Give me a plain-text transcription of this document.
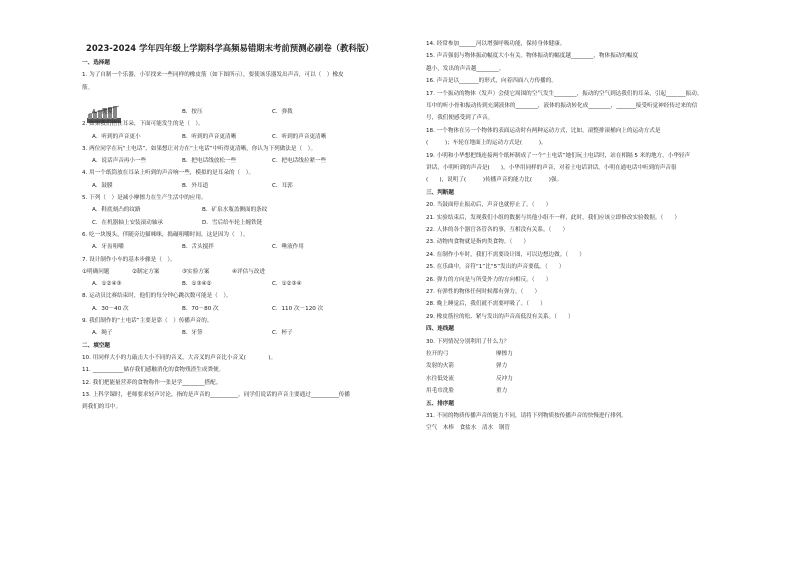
2023-2024 学年四年级上学期科学高频易错期末考前预测必刷卷（教科版）
一、选择题
1. 为了自制一个乐器，小军找来一些同样的橡皮筋（如下图所示），要使该乐器发出声音，可以（　）橡皮
筋。
A．抚摸	B．按压	C．弹拨
2. 如果我们捂住耳朵，下面可能发生的是（　）。
A．听到的声音更小	B．听到的声音更清晰	C．听到的声音更清晰
3. 两位同学在玩“土电话”，如果想让对方在“土电话”中听得更清晰，你认为下列做法是（　）。
A．说话声音再小一些	B．把电话线放松一些	C．把电话线拉紧一些
4. 用一个纸筒放在耳朵上听到的声音响一些，模拟的是耳朵的（　）。
A．鼓膜	B．外耳道	C．耳郭
5. 下列（　）是减小摩擦力在生产生活中的应用。
A．鞋底刻凸的纹路	B．矿泉水瓶盖侧面的条纹
C．在机器轴上安装滚动轴承	D．雪后给车轮上缠铁链
6. 吃一块馒头，伴随旁边猫咪咪，捣碾咀嚼时间，这是因为（　）。
A．牙齿咀嚼	B．舌头搅拌	C．唾液作用
7. 设计制作小车的基本步骤是（　）。
①明确问题	②制定方案	③实验方案	④评估与改进
A．①②④③	B．①③④②	C．①②③④
8. 运动员比赛结束时，他们的每分钟心跳次数可能是（　）。
A．30－40 次	B．70－80 次	C．110 次－120 次
9. 我们制作的“土电话”主要是靠（　）传播声音的。
A．绳子	B．牙签	C．杯子
二、填空题
10. 用同样大小的力敲击大小不同的音叉，大音叉的声音比小音叉(　　　　)。
11. ___________储存我们感触消化的食物残渣生成粪便。
12. 我们把能量营养的食物称作一张是学________搭配。
13. 上科学课时，老师要求轻声讨论，指的是声音的__________。同学们说话的声音主要通过__________传播
到我们的耳中。
14. 经常参加______河以增强呼吸功能，保持身体健康。
15. 声音强弱与物体振动幅度大小有关。物体振动的幅度越________，物体振动的幅度
越小，发出的声音越________。
16. 声音是以_______的形式，向着四面八方传播的。
17. 一个振动的物体（发声）会使它周围的空气发生________，振动的空气到达我们的耳朵，引起_______振动。
耳中的听小骨和振动传到充满液体的________，液体的振动转化成________，_______接受听觉神经传过来的信
号，我们便感受到了声音。
18. 一个物体在另一个物体的表面运动时有两种运动方式，比如，滚整排滚桶向上的运动方式是
(　　　)；车轮在地面上的运动方式是(　　　)。
19. 小明和小华想把线连接两个纸杯制成了一个“土电话”她们玩土电话时，站在相隔 5 米的地方，小华轻声
讲话，小明听到的声音是(　　)，小华用同样的声音，对着土电话讲话，小明在通电话中听到的声音很
(　　)，说明了(　　　)传播声音的能力比(　　　)强。
三、判断题
20. 当鼓面停止振动后，声音也就停止了。（　　）
21. 实验结束后，发现我们小组的数据与其他小组不一样，此时，我们应该立即修改实验数据。（　　）
22. 人体的各个器官各管各的事，互相没有关系。（　　）
23. 动物肉食物就是指肉类食物。（　　）
24. 在制作小车时，我们不需要设计图，可以边想边做。（　　）
25. 在乐曲中，音符“1”比“5”发出的声音要低。（　　）
26. 弹力的方向是与所受外力的方向相反。（　　）
27. 有弹性的物体任何时候都有弹力。（　　）
28. 晚上睡觉后，我们就不需要呼吸了。（　　）
29. 橡皮筋拉的松、紧与发出的声音高低没有关系。（　　）
四、连线题
30. 下列情况分别利用了什么力？
拉开的弓	摩擦力
发射的火箭	弹力
水往低处流	反冲力
用毛巾洗脸	重力
五、排序题
31. 不同的物质传播声音的能力不同，请将下列物质按传播声音的快慢进行排列。
空气　木棒　食盐水　清水　钢管
